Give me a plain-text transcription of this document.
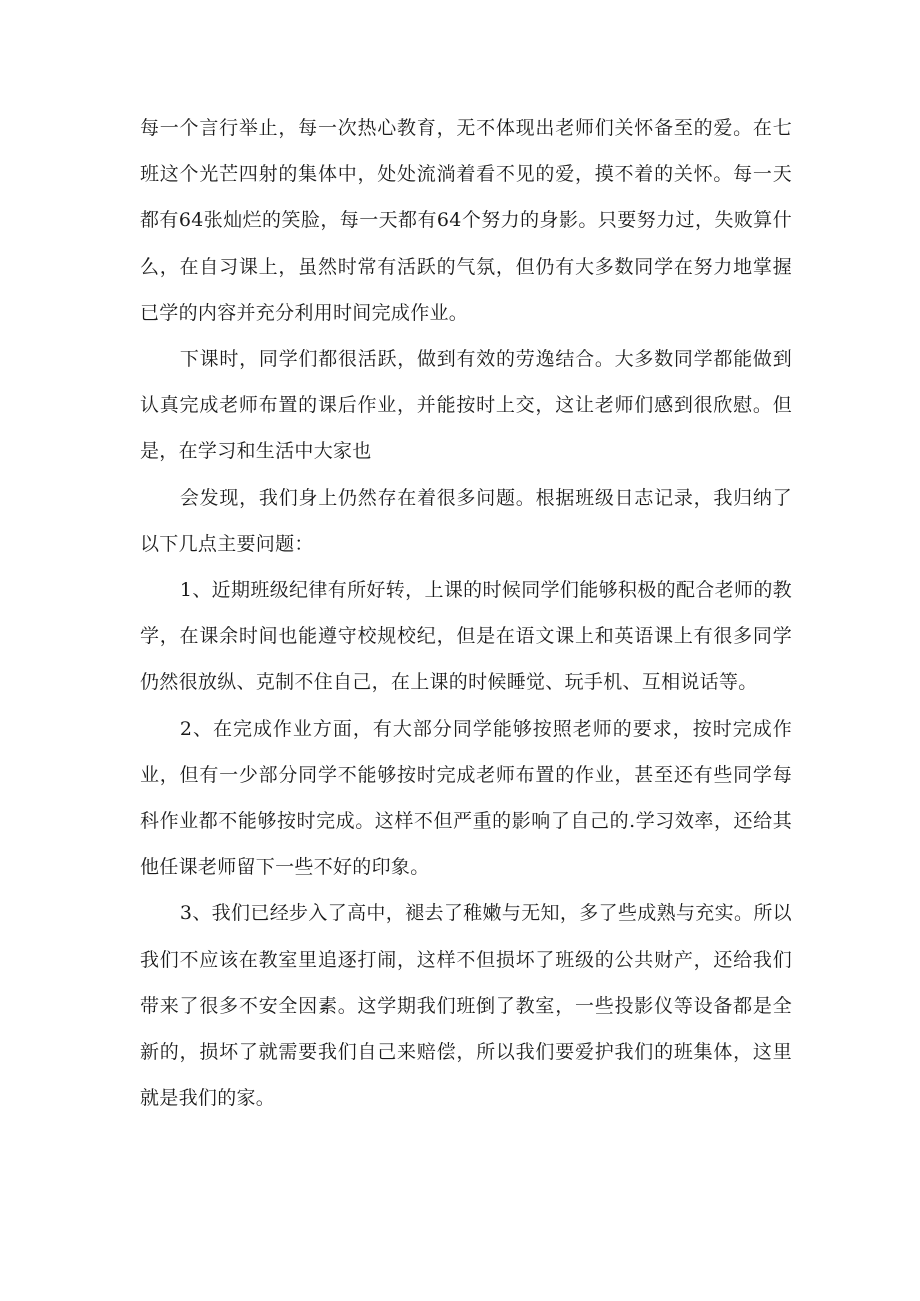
每一个言行举止，每一次热心教育，无不体现出老师们关怀备至的爱。在七班这个光芒四射的集体中，处处流淌着看不见的爱，摸不着的关怀。每一天都有64张灿烂的笑脸，每一天都有64个努力的身影。只要努力过，失败算什么，在自习课上，虽然时常有活跃的气氛，但仍有大多数同学在努力地掌握已学的内容并充分利用时间完成作业。

下课时，同学们都很活跃，做到有效的劳逸结合。大多数同学都能做到认真完成老师布置的课后作业，并能按时上交，这让老师们感到很欣慰。但是，在学习和生活中大家也

会发现，我们身上仍然存在着很多问题。根据班级日志记录，我归纳了以下几点主要问题：

1、近期班级纪律有所好转，上课的时候同学们能够积极的配合老师的教学，在课余时间也能遵守校规校纪，但是在语文课上和英语课上有很多同学仍然很放纵、克制不住自己，在上课的时候睡觉、玩手机、互相说话等。

2、在完成作业方面，有大部分同学能够按照老师的要求，按时完成作业，但有一少部分同学不能够按时完成老师布置的作业，甚至还有些同学每科作业都不能够按时完成。这样不但严重的影响了自己的.学习效率，还给其他任课老师留下一些不好的印象。

3、我们已经步入了高中，褪去了稚嫩与无知，多了些成熟与充实。所以我们不应该在教室里追逐打闹，这样不但损坏了班级的公共财产，还给我们带来了很多不安全因素。这学期我们班倒了教室，一些投影仪等设备都是全新的，损坏了就需要我们自己来赔偿，所以我们要爱护我们的班集体，这里就是我们的家。
